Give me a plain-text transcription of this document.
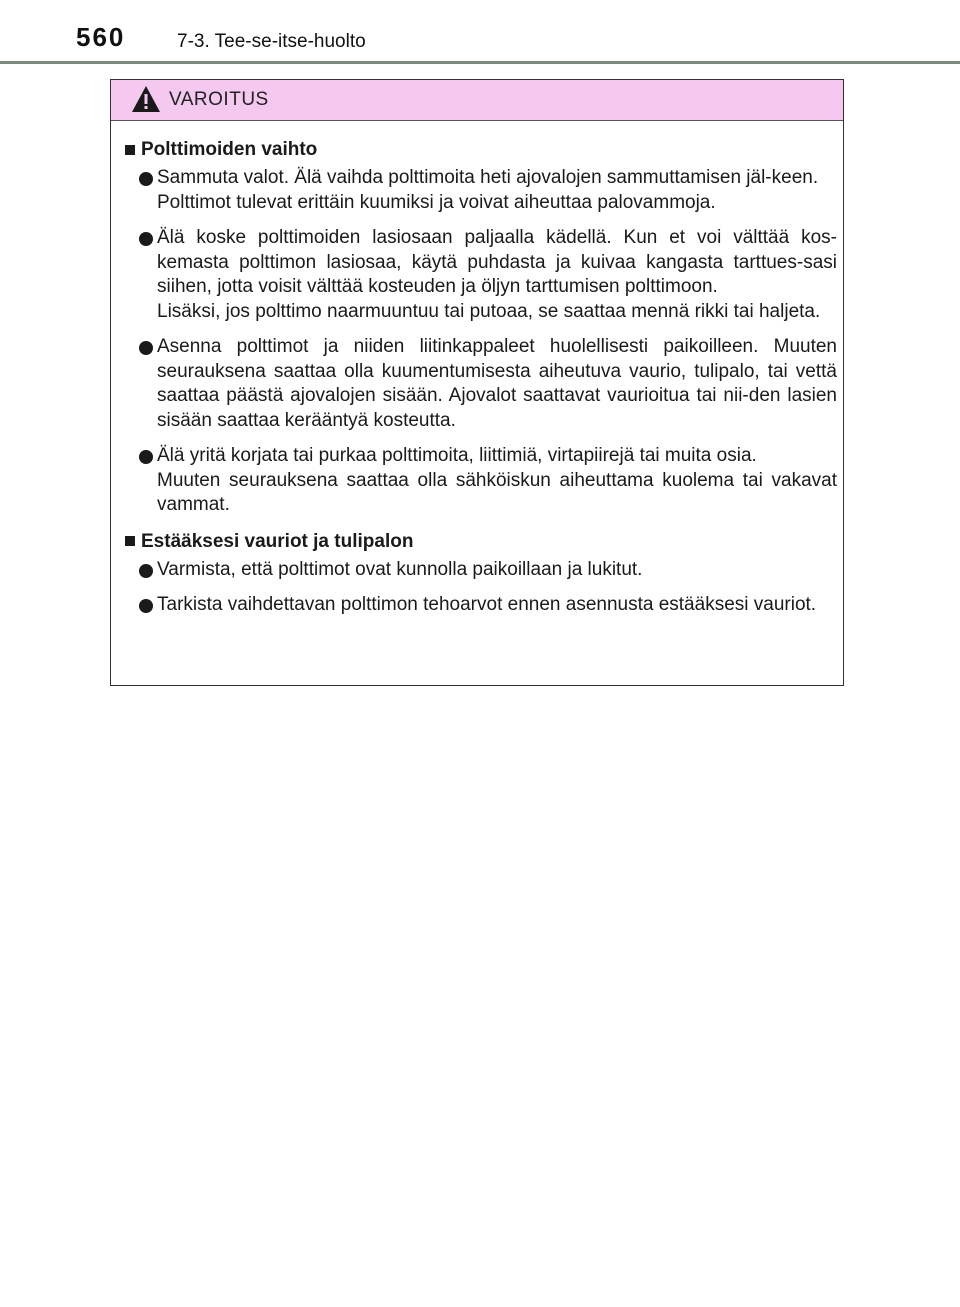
560	7-3. Tee-se-itse-huolto
VAROITUS
Polttimoiden vaihto

Sammuta valot. Älä vaihda polttimoita heti ajovalojen sammuttamisen jäl-keen.

Polttimot tulevat erittäin kuumiksi ja voivat aiheuttaa palovammoja.

Älä koske polttimoiden lasiosaan paljaalla kädellä. Kun et voi välttää kos-kemasta polttimon lasiosaa, käytä puhdasta ja kuivaa kangasta tarttues-sasi siihen, jotta voisit välttää kosteuden ja öljyn tarttumisen polttimoon.

Lisäksi, jos polttimo naarmuuntuu tai putoaa, se saattaa mennä rikki tai haljeta.

Asenna polttimot ja niiden liitinkappaleet huolellisesti paikoilleen. Muuten seurauksena saattaa olla kuumentumisesta aiheutuva vaurio, tulipalo, tai vettä saattaa päästä ajovalojen sisään. Ajovalot saattavat vaurioitua tai nii-den lasien sisään saattaa kerääntyä kosteutta.

Älä yritä korjata tai purkaa polttimoita, liittimiä, virtapiirejä tai muita osia.

Muuten seurauksena saattaa olla sähköiskun aiheuttama kuolema tai vakavat vammat.

Estääksesi vauriot ja tulipalon

Varmista, että polttimot ovat kunnolla paikoillaan ja lukitut.

Tarkista vaihdettavan polttimon tehoarvot ennen asennusta estääksesi vauriot.
